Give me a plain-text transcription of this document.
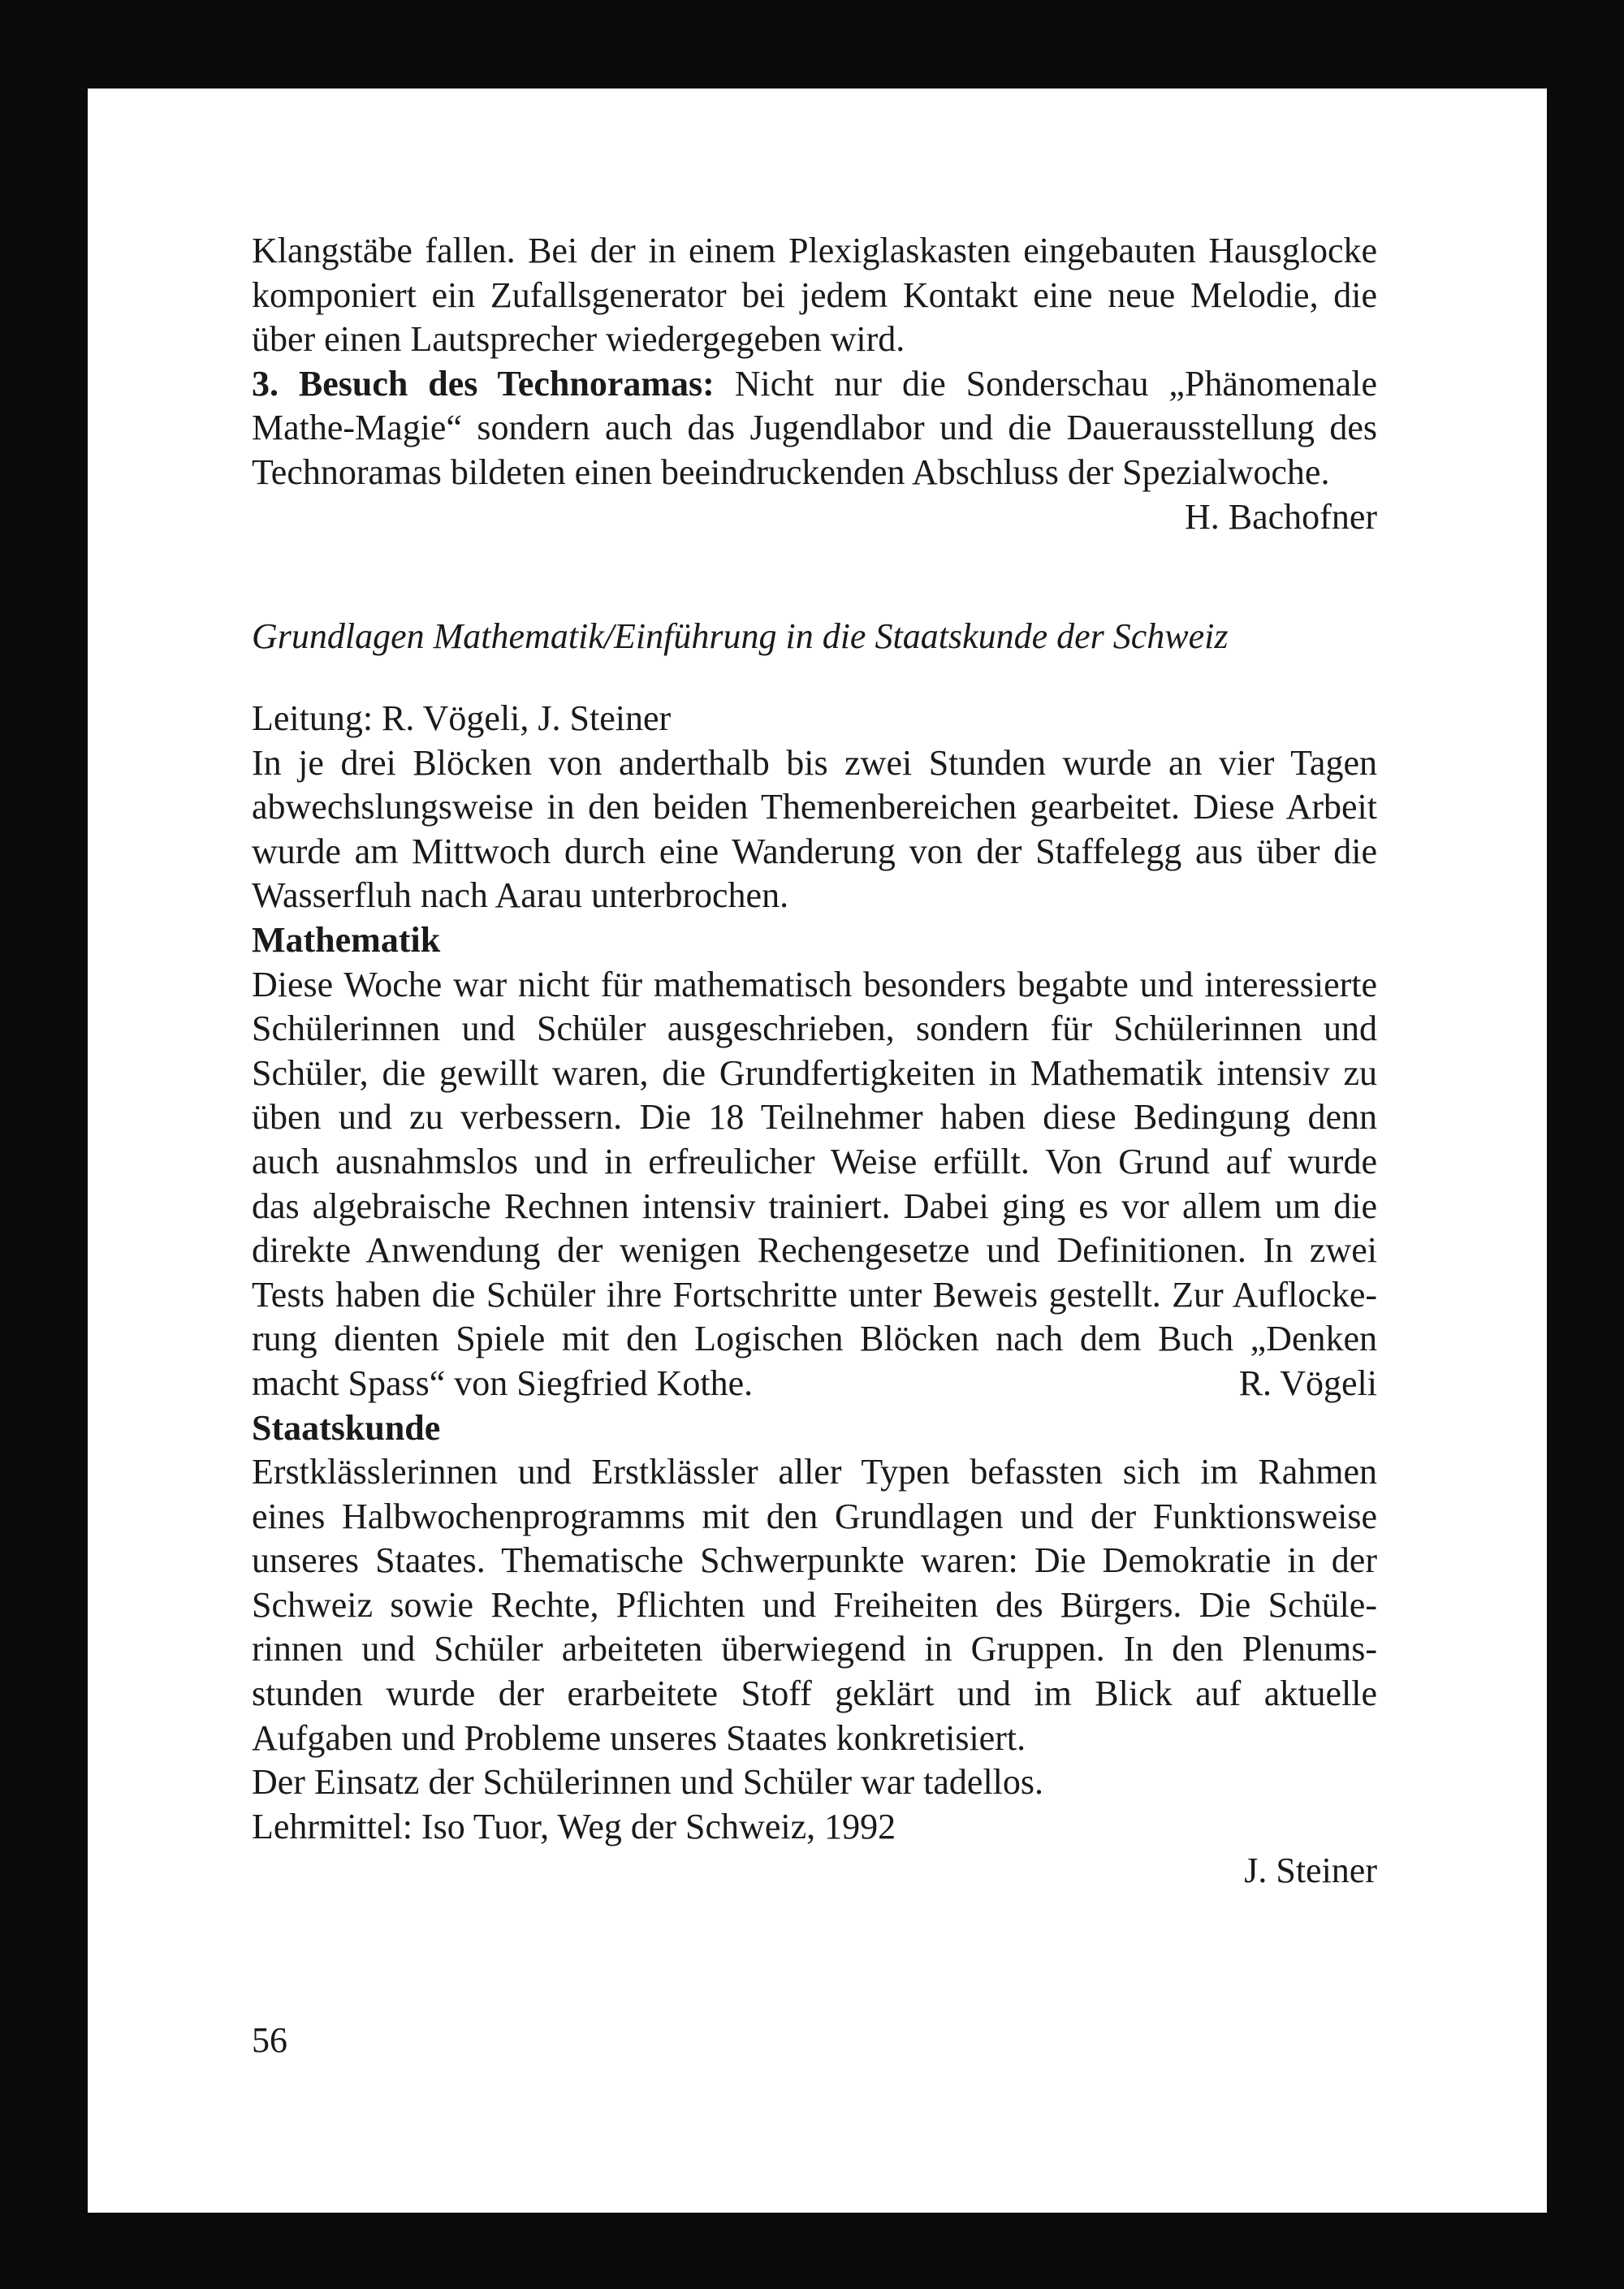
Klangstäbe fallen. Bei der in einem Plexiglaskasten eingebauten Hausglocke
komponiert ein Zufallsgenerator bei jedem Kontakt eine neue Melodie, die
über einen Lautsprecher wiedergegeben wird.
3. Besuch des Technoramas: Nicht nur die Sonderschau „Phänomenale
Mathe-Magie“ sondern auch das Jugendlabor und die Dauerausstellung des
Technoramas bildeten einen beeindruckenden Abschluss der Spezialwoche.
H. Bachofner
Grundlagen Mathematik/Einführung in die Staatskunde der Schweiz
Leitung: R. Vögeli, J. Steiner
In je drei Blöcken von anderthalb bis zwei Stunden wurde an vier Tagen
abwechslungsweise in den beiden Themenbereichen gearbeitet. Diese Arbeit
wurde am Mittwoch durch eine Wanderung von der Staffelegg aus über die
Wasserfluh nach Aarau unterbrochen.
Mathematik
Diese Woche war nicht für mathematisch besonders begabte und interessierte
Schülerinnen und Schüler ausgeschrieben, sondern für Schülerinnen und
Schüler, die gewillt waren, die Grundfertigkeiten in Mathematik intensiv zu
üben und zu verbessern. Die 18 Teilnehmer haben diese Bedingung denn
auch ausnahmslos und in erfreulicher Weise erfüllt. Von Grund auf wurde
das algebraische Rechnen intensiv trainiert. Dabei ging es vor allem um die
direkte Anwendung der wenigen Rechengesetze und Definitionen. In zwei
Tests haben die Schüler ihre Fortschritte unter Beweis gestellt. Zur Auflocke-
rung dienten Spiele mit den Logischen Blöcken nach dem Buch „Denken
macht Spass“ von Siegfried Kothe.	R. Vögeli
Staatskunde
Erstklässlerinnen und Erstklässler aller Typen befassten sich im Rahmen
eines Halbwochenprogramms mit den Grundlagen und der Funktionsweise
unseres Staates. Thematische Schwerpunkte waren: Die Demokratie in der
Schweiz sowie Rechte, Pflichten und Freiheiten des Bürgers. Die Schüle-
rinnen und Schüler arbeiteten überwiegend in Gruppen. In den Plenums-
stunden wurde der erarbeitete Stoff geklärt und im Blick auf aktuelle
Aufgaben und Probleme unseres Staates konkretisiert.
Der Einsatz der Schülerinnen und Schüler war tadellos.
Lehrmittel: Iso Tuor, Weg der Schweiz, 1992
J. Steiner
56
